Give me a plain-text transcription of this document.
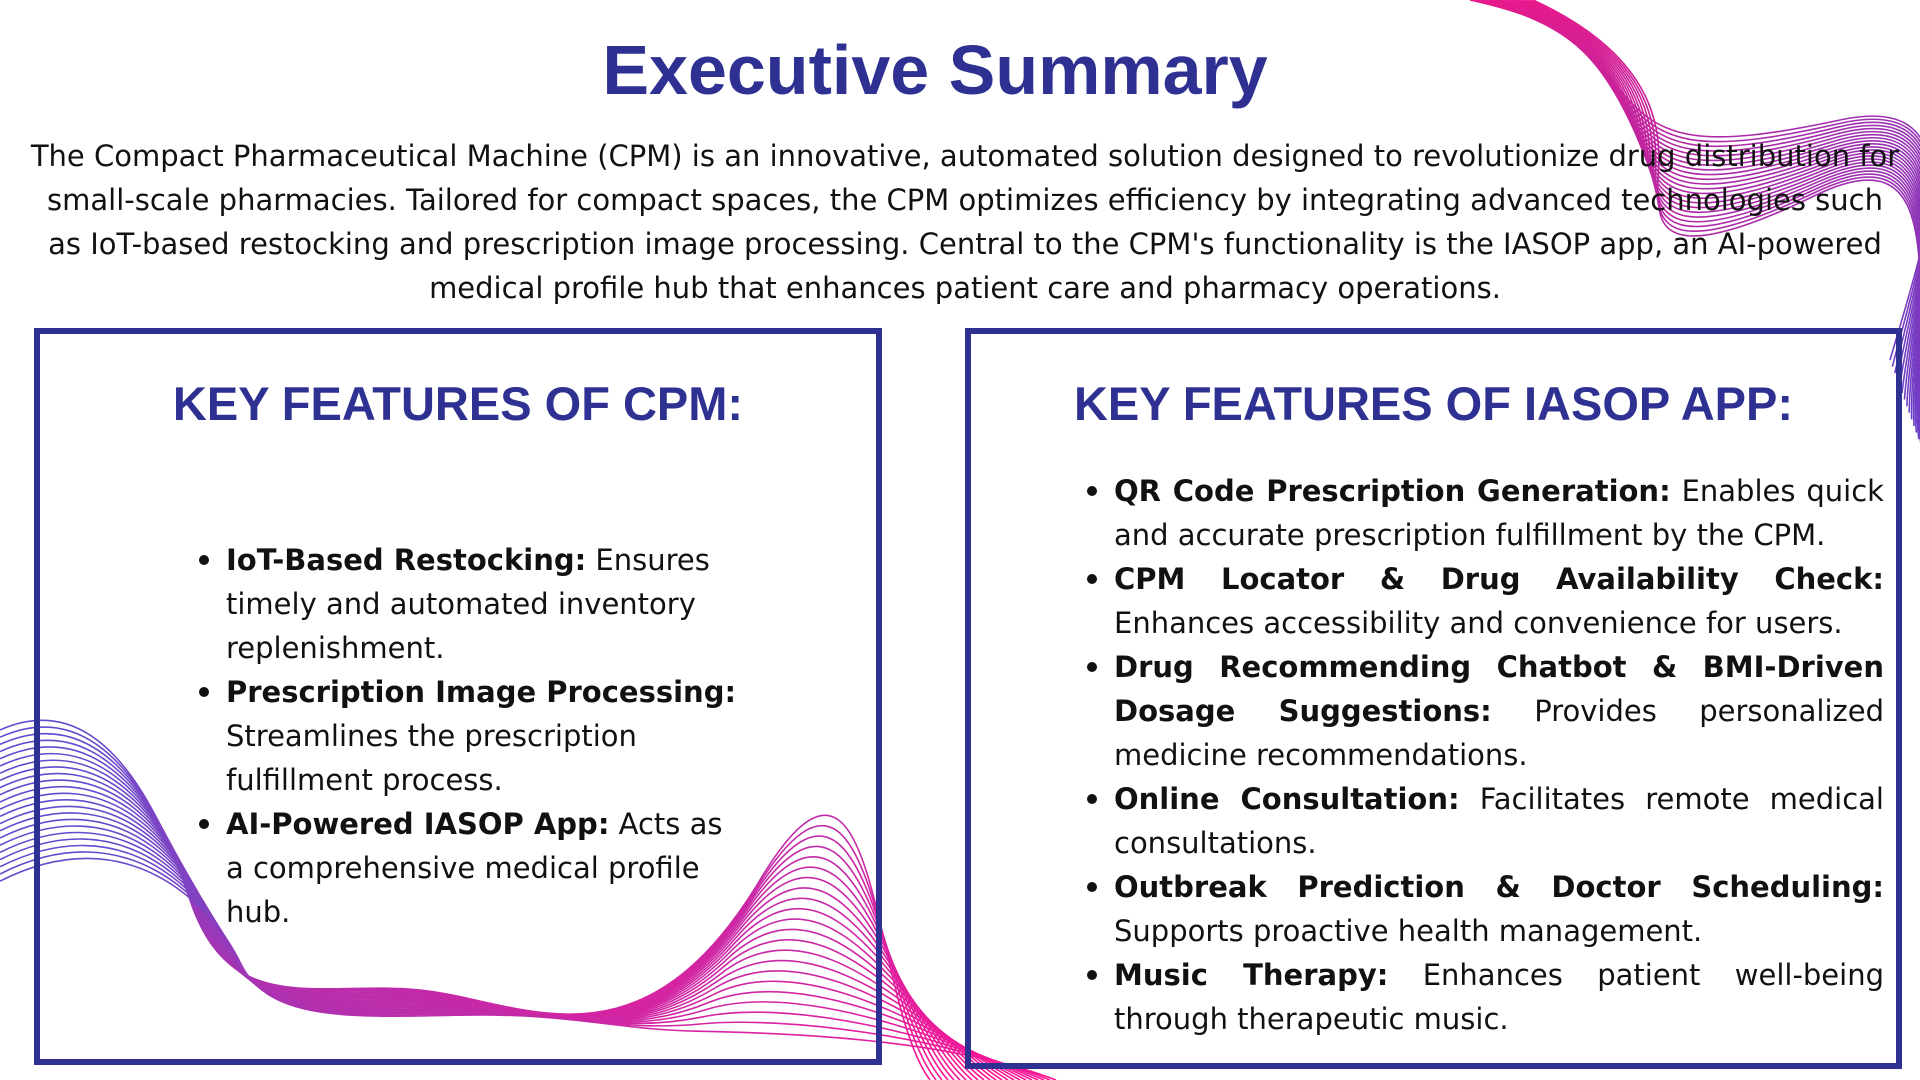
Executive Summary

The Compact Pharmaceutical Machine (CPM) is an innovative, automated solution designed to revolutionize drug distribution for small-scale pharmacies. Tailored for compact spaces, the CPM optimizes efficiency by integrating advanced technologies such as IoT-based restocking and prescription image processing. Central to the CPM's functionality is the IASOP app, an AI-powered medical profile hub that enhances patient care and pharmacy operations.

KEY FEATURES OF CPM:
IoT-Based Restocking: Ensures timely and automated inventory replenishment.
Prescription Image Processing: Streamlines the prescription fulfillment process.
AI-Powered IASOP App: Acts as a comprehensive medical profile hub.
KEY FEATURES OF IASOP APP:
QR Code Prescription Generation: Enables quick and accurate prescription fulfillment by the CPM.
CPM Locator & Drug Availability Check: Enhances accessibility and convenience for users.
Drug Recommending Chatbot & BMI-Driven Dosage Suggestions: Provides personalized medicine recommendations.
Online Consultation: Facilitates remote medical consultations.
Outbreak Prediction & Doctor Scheduling: Supports proactive health management.
Music Therapy: Enhances patient well-being through therapeutic music.
